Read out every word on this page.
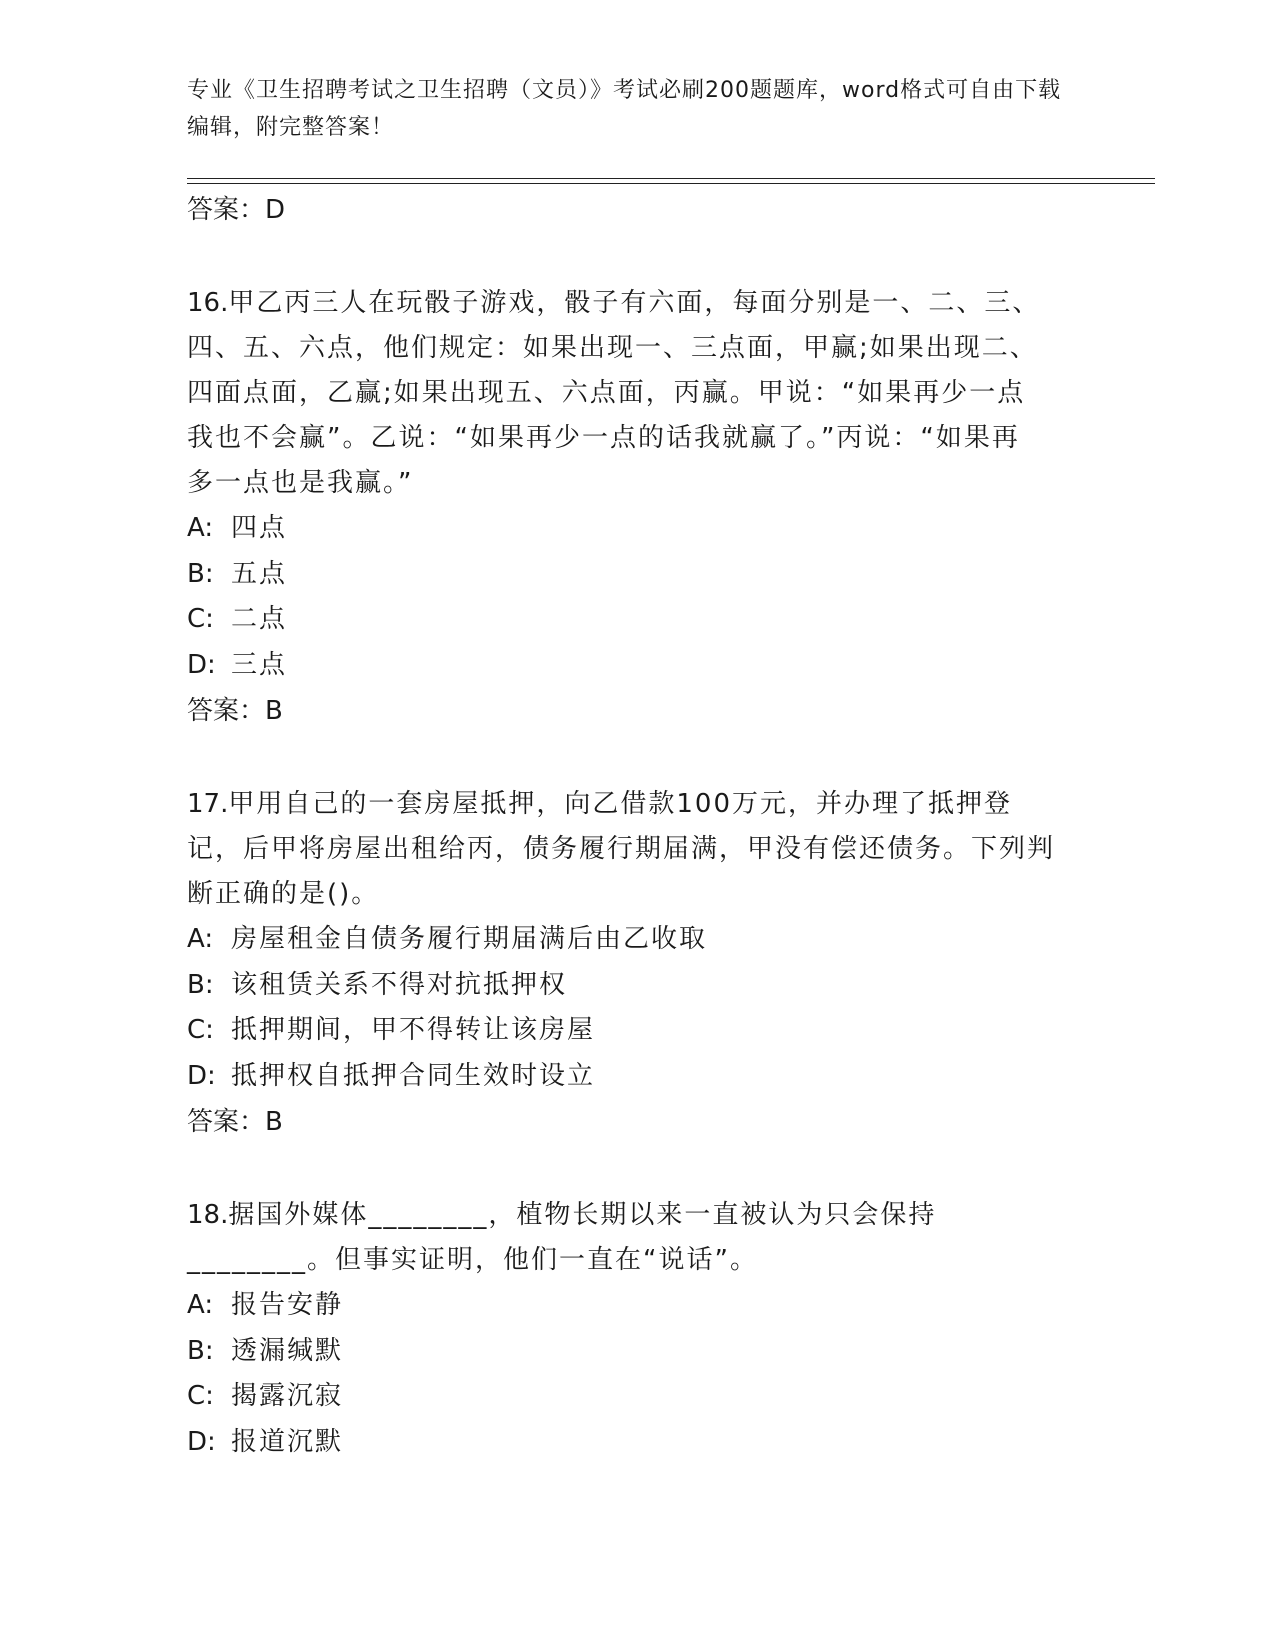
专业《卫生招聘考试之卫生招聘（文员）》考试必刷200题题库，word格式可自由下载编辑，附完整答案！
答案：D

16.甲乙丙三人在玩骰子游戏，骰子有六面，每面分别是一、二、三、四、五、六点，他们规定：如果出现一、三点面，甲赢;如果出现二、四面点面，乙赢;如果出现五、六点面，丙赢。甲说：“如果再少一点我也不会赢”。乙说：“如果再少一点的话我就赢了。”丙说：“如果再多一点也是我赢。”

A: 四点
B: 五点
C: 二点
D: 三点
答案：B

17.甲用自己的一套房屋抵押，向乙借款100万元，并办理了抵押登记，后甲将房屋出租给丙，债务履行期届满，甲没有偿还债务。下列判断正确的是()。

A: 房屋租金自债务履行期届满后由乙收取
B: 该租赁关系不得对抗抵押权
C: 抵押期间，甲不得转让该房屋
D: 抵押权自抵押合同生效时设立
答案：B

18.据国外媒体________，植物长期以来一直被认为只会保持________。但事实证明，他们一直在“说话”。

A: 报告安静
B: 透漏缄默
C: 揭露沉寂
D: 报道沉默
